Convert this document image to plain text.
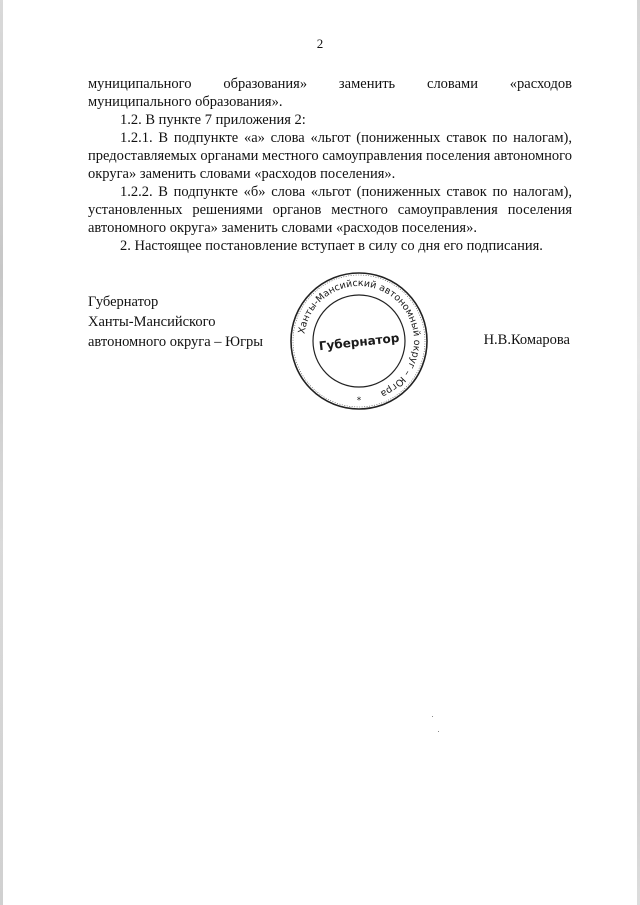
2

муниципального образования» заменить словами «расходов
муниципального образования».

1.2. В пункте 7 приложения 2:

1.2.1. В подпункте «а» слова «льгот (пониженных ставок по налогам), предоставляемых органами местного самоуправления поселения автономного округа» заменить словами «расходов поселения».

1.2.2. В подпункте «б» слова «льгот (пониженных ставок по налогам), установленных решениями органов местного самоуправления поселения автономного округа» заменить словами «расходов поселения».

2. Настоящее постановление вступает в силу со дня его подписания.

Губернатор
Ханты-Мансийского
автономного округа – Югры
Ханты-Мансийский автономный округ – Югра
Губернатор
*
Н.В.Комарова
